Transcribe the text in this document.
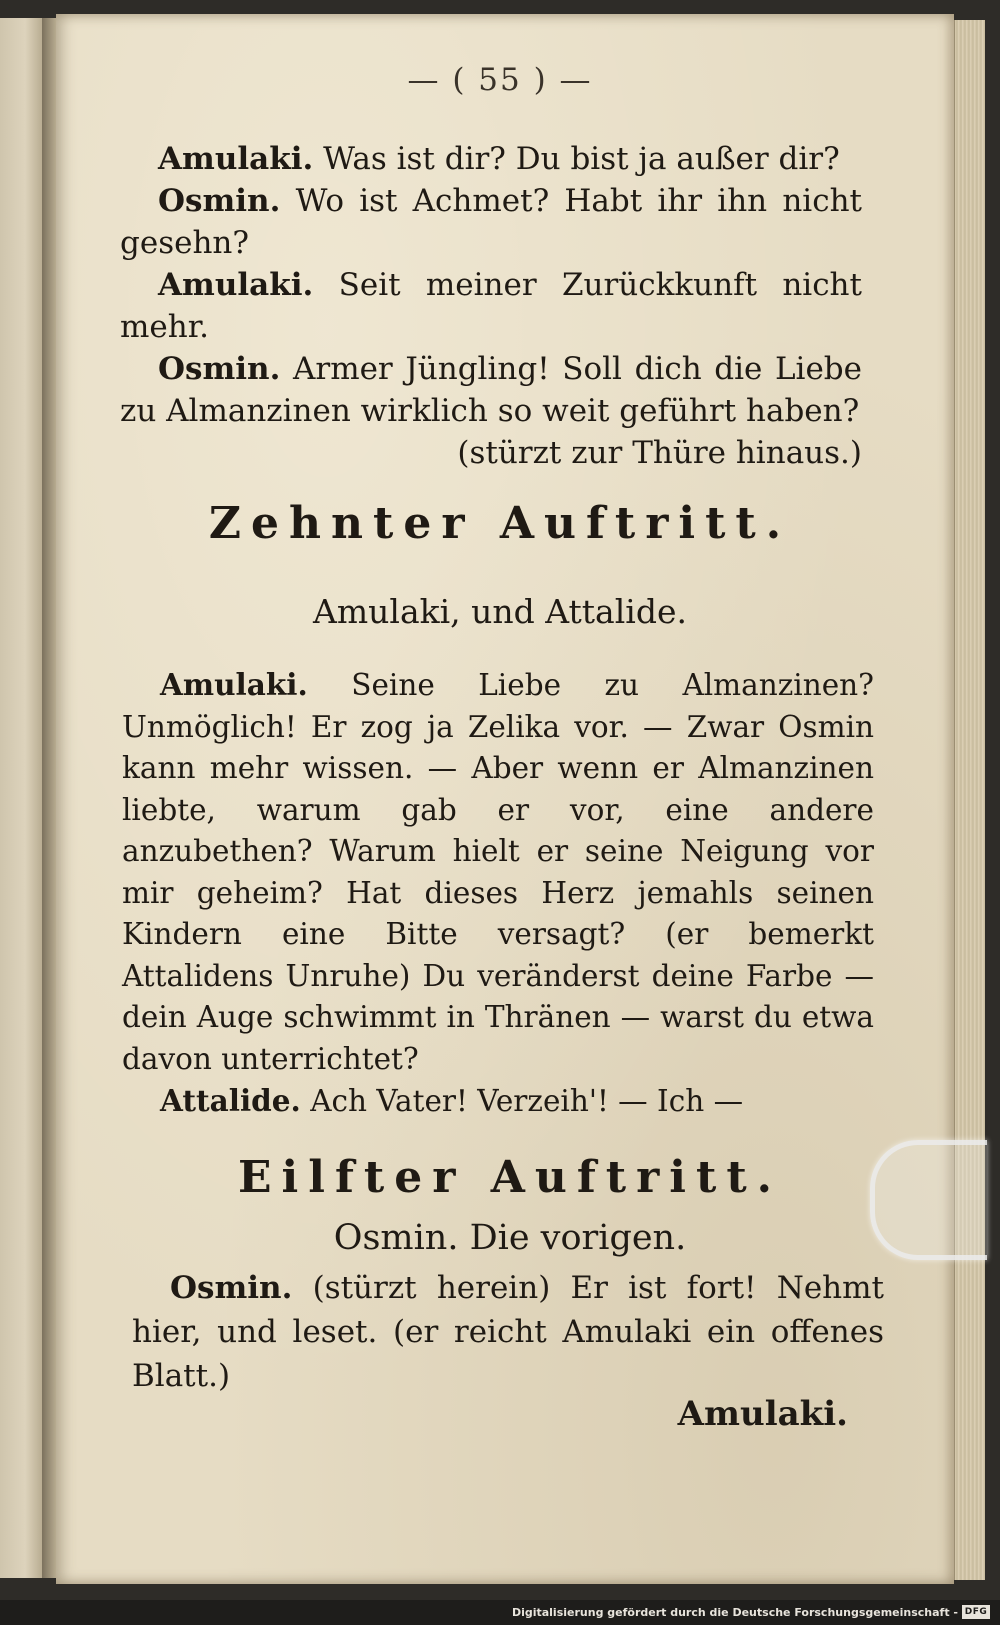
— ( 55 ) —

Amulaki. Was ist dir? Du bist ja außer dir?

Osmin. Wo ist Achmet? Habt ihr ihn nicht gesehn?

Amulaki. Seit meiner Zurückkunft nicht mehr.

Osmin. Armer Jüngling! Soll dich die Liebe zu Almanzinen wirklich so weit geführt haben?

(stürzt zur Thüre hinaus.)

Zehnter Auftritt.
Amulaki, und Attalide.

Amulaki. Seine Liebe zu Almanzinen? Unmöglich! Er zog ja Zelika vor. — Zwar Osmin kann mehr wissen. — Aber wenn er Almanzinen liebte, warum gab er vor, eine andere anzubethen? Warum hielt er seine Neigung vor mir geheim? Hat dieses Herz jemahls seinen Kindern eine Bitte versagt? (er bemerkt Attalidens Unruhe) Du veränderst deine Farbe — dein Auge schwimmt in Thränen — warst du etwa davon unterrichtet?

Attalide. Ach Vater! Verzeih'! — Ich —

Eilfter Auftritt.
Osmin. Die vorigen.

Osmin. (stürzt herein) Er ist fort! Nehmt hier, und leset. (er reicht Amulaki ein offenes Blatt.)

Amulaki.
Digitalisierung gefördert durch die Deutsche Forschungsgemeinschaft - DFG
